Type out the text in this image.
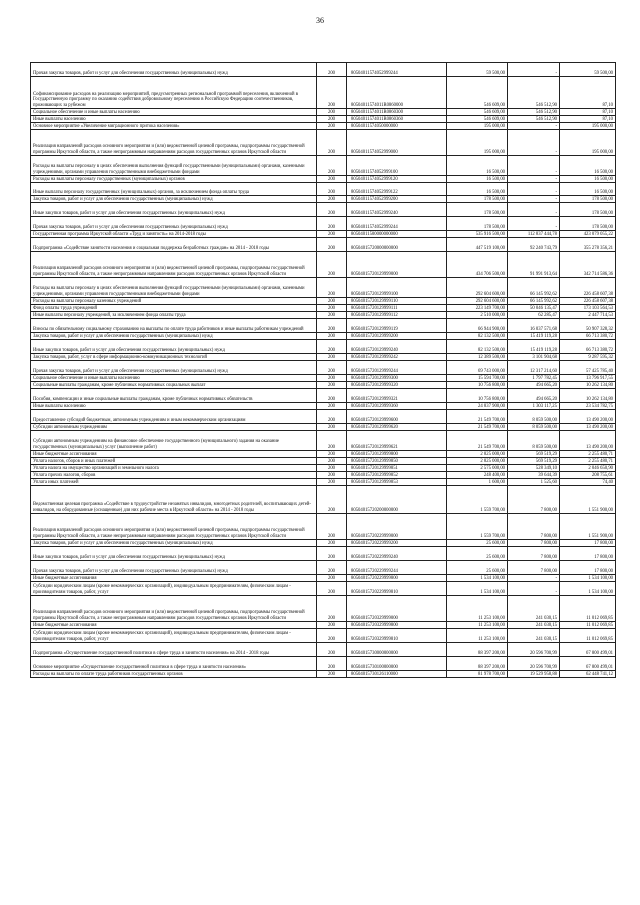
36
Прочая закупка товаров, работ и услуг для обеспечения государственных (муниципальных) нужд	200	80504011574052999244	59 500,00	-	59 500,00
Софинансирование расходов на реализацию мероприятий, предусмотренных региональной программой переселения, включенной в Государственную программу по оказанию содействия добровольному переселению в Российскую Федерацию соотечественников, проживающих за рубежом	200	80504011574011R0860000	546 609,00	546 512,90	87,10
Социальное обеспечение и иные выплаты населению	200	80504011574011R0860300	546 609,00	546 512,90	87,10
Иные выплаты населению	200	80504011574011R0860360	546 609,00	546 512,90	87,10
Основное мероприятие «Увеличение миграционного притока населения»	200	80504011574050000000	195 000,00	-	195 000,00
Реализация направлений расходов основного мероприятия и (или) ведомственной целевой программы, подпрограммы государственной программы Иркутской области, а также непрограммным направлениям расходов государственных органов Иркутской области	200	80504011574052999000	195 000,00	-	195 000,00
Расходы на выплаты персоналу в целях обеспечения выполнения функций государственными (муниципальными) органами, казенными учреждениями, органами управления государственными внебюджетными фондами	200	80504011574052999100	16 500,00	-	16 500,00
Расходы на выплаты персоналу государственных (муниципальных) органов	200	80504011574052999120	16 500,00	-	16 500,00
Иные выплаты персоналу государственных (муниципальных) органов, за исключением фонда оплаты труда	200	80504011574052999122	16 500,00	-	16 500,00
Закупка товаров, работ и услуг для обеспечения государственных (муниципальных) нужд	200	80504011574052999200	178 500,00	-	178 500,00
Иные закупки товаров, работ и услуг для обеспечения государственных (муниципальных) нужд	200	80504011574052999240	178 500,00	-	178 500,00
Прочая закупка товаров, работ и услуг для обеспечения государственных (муниципальных) нужд	200	80504011574052999244	178 500,00	-	178 500,00
Государственная программа Иркутской области «Труд и занятость» на 2014-2018 годы	200	80504011500000000000	535 916 500,00	112 837 444,78	423 079 055,22
Подпрограмма «Содействие занятости населения и социальная поддержка безработных граждан» на 2014 - 2018 годы	200	80504015720000000000	447 519 100,00	92 240 743,79	355 278 356,21
Реализация направлений расходов основного мероприятия и (или) ведомственной целевой программы, подпрограммы государственной программы Иркутской области, а также непрограммным направлениям расходов государственных органов Иркутской области	200	80504015720129999000	434 706 500,00	91 991 913,64	342 714 586,36
Расходы на выплаты персоналу в целях обеспечения выполнения функций государственными (муниципальными) органами, казенными учреждениями, органами управления государственными внебюджетными фондами	200	80504015720129999100	292 604 600,00	66 145 992,62	226 458 607,38
Расходы на выплаты персоналу казенных учреждений	200	80504015720129999110	292 604 600,00	66 145 992,62	226 458 607,38
Фонд оплаты труда учреждений	200	80504015720129999111	223 149 700,00	50 046 135,47	173 103 564,53
Иные выплаты персоналу учреждений, за исключением фонда оплаты труда	200	80504015720129999112	2 510 000,00	62 285,47	2 447 714,53
Взносы по обязательному социальному страхованию на выплаты по оплате труда работников и иные выплаты работникам учреждений	200	80504015720129999119	66 944 900,00	16 037 571,68	50 907 328,32
Закупка товаров, работ и услуг для обеспечения государственных (муниципальных) нужд	200	80504015720129999200	82 132 500,00	15 419 119,28	66 713 380,72
Иные закупки товаров, работ и услуг для обеспечения государственных (муниципальных) нужд	200	80504015720129999240	82 132 500,00	15 419 119,28	66 713 380,72
Закупка товаров, работ, услуг в сфере информационно-коммуникационных технологий	200	80504015720129999242	12 389 500,00	3 101 904,68	9 287 595,32
Прочая закупка товаров, работ и услуг для обеспечения государственных (муниципальных) нужд	200	80504015720129999244	69 743 000,00	12 317 214,60	57 425 785,40
Социальное обеспечение и иные выплаты населению	200	80504015720129999300	15 594 700,00	1 797 782,45	13 796 917,55
Социальные выплаты гражданам, кроме публичных нормативных социальных выплат	200	80504015720129999320	10 756 800,00	494 665,20	10 262 134,80
Пособия, компенсации и иные социальные выплаты гражданам, кроме публичных нормативных обязательств	200	80504015720129999321	10 756 800,00	494 665,20	10 262 134,80
Иные выплаты населению	200	80504015720129999360	24 837 900,00	1 303 117,25	23 534 782,75
Предоставление субсидий бюджетным, автономным учреждениям и иным некоммерческим организациям	200	80504015720129999600	21 549 700,00	8 059 500,00	13 490 200,00
Субсидии автономным учреждениям	200	80504015720129999620	21 549 700,00	8 059 500,00	13 490 200,00
Субсидии автономным учреждениям на финансовое обеспечение государственного (муниципального) задания на оказание государственных (муниципальных) услуг (выполнение работ)	200	80504015720129999621	21 549 700,00	8 059 500,00	13 490 200,00
Иные бюджетные ассигнования	200	80504015720129999800	2 825 000,00	569 519,29	2 255 480,71
Уплата налогов, сборов и иных платежей	200	80504015720129999850	2 825 000,00	569 519,29	2 255 480,71
Уплата налога на имущество организаций и земельного налога	200	80504015720129999851	2 575 000,00	528 349,10	2 046 650,90
Уплата прочих налогов, сборов	200	80504015720129999852	248 400,00	39 644,39	208 755,61
Уплата иных платежей	200	80504015720129999853	1 600,00	1 525,60	74,40
Ведомственная целевая программа «Содействие в трудоустройстве незанятых инвалидов, многодетных родителей, воспитывающих детей-инвалидов, на оборудованные (оснащенные) для них рабочие места в Иркутской области» на 2014 - 2018 годы	200	80504015720200000000	1 559 700,00	7 800,00	1 551 900,00
Реализация направлений расходов основного мероприятия и (или) ведомственной целевой программы, подпрограммы государственной программы Иркутской области, а также непрограммным направлениям расходов государственных органов Иркутской области	200	80504015720229999000	1 559 700,00	7 800,00	1 551 900,00
Закупка товаров, работ и услуг для обеспечения государственных (муниципальных) нужд	200	80504015720229999200	25 600,00	7 800,00	17 800,00
Иные закупки товаров, работ и услуг для обеспечения государственных (муниципальных) нужд	200	80504015720229999240	25 600,00	7 800,00	17 800,00
Прочая закупка товаров, работ и услуг для обеспечения государственных (муниципальных) нужд	200	80504015720229999244	25 600,00	7 800,00	17 800,00
Иные бюджетные ассигнования	200	80504015720229999800	1 534 100,00	-	1 534 100,00
Субсидии юридическим лицам (кроме некоммерческих организаций), индивидуальным предпринимателям, физическим лицам - производителям товаров, работ, услуг	200	80504015720229999810	1 534 100,00	-	1 534 100,00
Реализация направлений расходов основного мероприятия и (или) ведомственной целевой программы, подпрограммы государственной программы Иркутской области, а также непрограммным направлениям расходов государственных органов Иркутской области	200	80504015720329999000	11 253 100,00	241 030,15	11 012 069,85
Иные бюджетные ассигнования	200	80504015720329999800	11 253 100,00	241 030,15	11 012 069,85
Субсидии юридическим лицам (кроме некоммерческих организаций), индивидуальным предпринимателям, физическим лицам - производителям товаров, работ, услуг	200	80504015720329999810	11 253 100,00	241 030,15	11 012 069,85
Подпрограмма «Осуществление государственной политики в сфере труда и занятости населения» на 2014 - 2018 годы	200	80504015730000000000	88 397 200,00	20 596 700,99	67 800 499,01
Основное мероприятие «Осуществление государственной политики в сфере труда и занятости населения»	200	80504015730100000000	88 397 200,00	20 596 700,99	67 800 499,01
Расходы на выплаты по оплате труда работников государственных органов	200	80504015730126110000	81 978 700,00	19 529 958,88	62 448 741,12
